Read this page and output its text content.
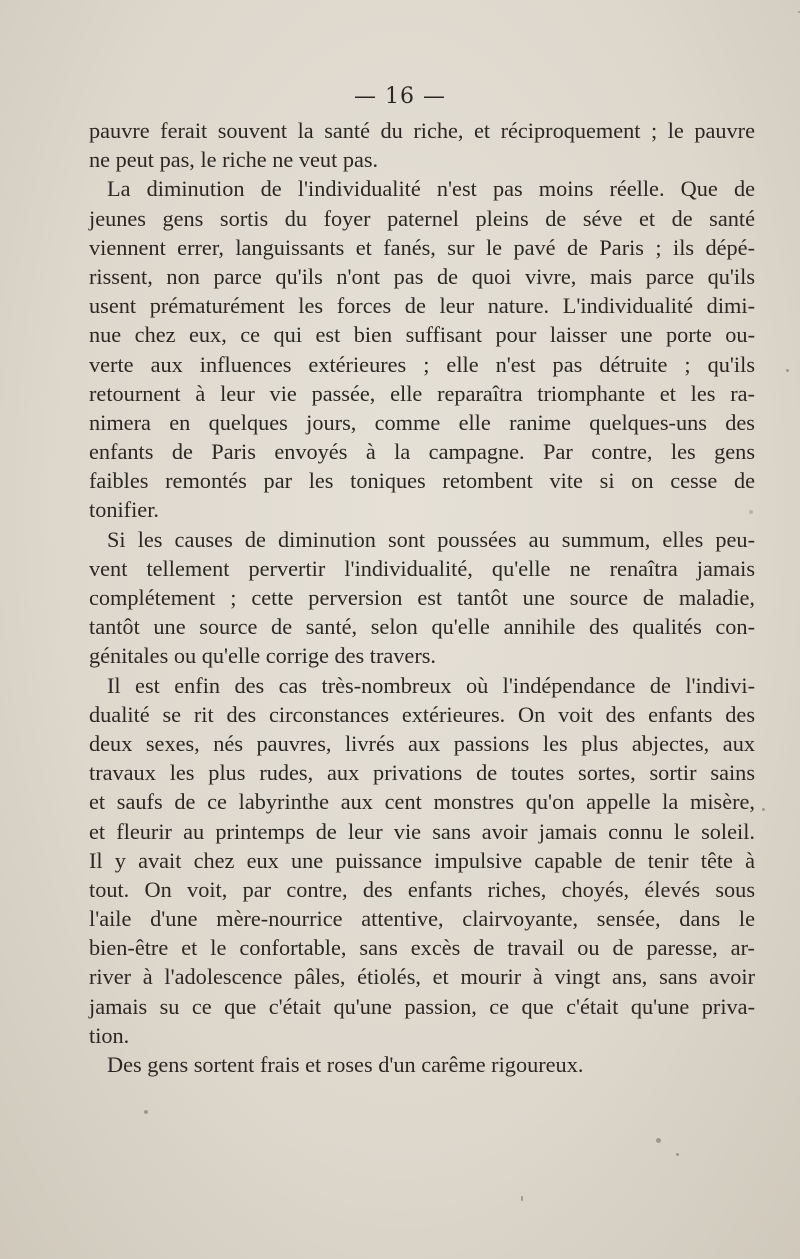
— 16 —
pauvre ferait souvent la santé du riche, et réciproquement ; le pauvre
ne peut pas, le riche ne veut pas.
La diminution de l'individualité n'est pas moins réelle. Que de
jeunes gens sortis du foyer paternel pleins de séve et de santé
viennent errer, languissants et fanés, sur le pavé de Paris ; ils dépé-
rissent, non parce qu'ils n'ont pas de quoi vivre, mais parce qu'ils
usent prématurément les forces de leur nature. L'individualité dimi-
nue chez eux, ce qui est bien suffisant pour laisser une porte ou-
verte aux influences extérieures ; elle n'est pas détruite ; qu'ils
retournent à leur vie passée, elle reparaîtra triomphante et les ra-
nimera en quelques jours, comme elle ranime quelques-uns des
enfants de Paris envoyés à la campagne. Par contre, les gens
faibles remontés par les toniques retombent vite si on cesse de
tonifier.
Si les causes de diminution sont poussées au summum, elles peu-
vent tellement pervertir l'individualité, qu'elle ne renaîtra jamais
complétement ; cette perversion est tantôt une source de maladie,
tantôt une source de santé, selon qu'elle annihile des qualités con-
génitales ou qu'elle corrige des travers.
Il est enfin des cas très-nombreux où l'indépendance de l'indivi-
dualité se rit des circonstances extérieures. On voit des enfants des
deux sexes, nés pauvres, livrés aux passions les plus abjectes, aux
travaux les plus rudes, aux privations de toutes sortes, sortir sains
et saufs de ce labyrinthe aux cent monstres qu'on appelle la misère,
et fleurir au printemps de leur vie sans avoir jamais connu le soleil.
Il y avait chez eux une puissance impulsive capable de tenir tête à
tout. On voit, par contre, des enfants riches, choyés, élevés sous
l'aile d'une mère-nourrice attentive, clairvoyante, sensée, dans le
bien-être et le confortable, sans excès de travail ou de paresse, ar-
river à l'adolescence pâles, étiolés, et mourir à vingt ans, sans avoir
jamais su ce que c'était qu'une passion, ce que c'était qu'une priva-
tion.
Des gens sortent frais et roses d'un carême rigoureux.
